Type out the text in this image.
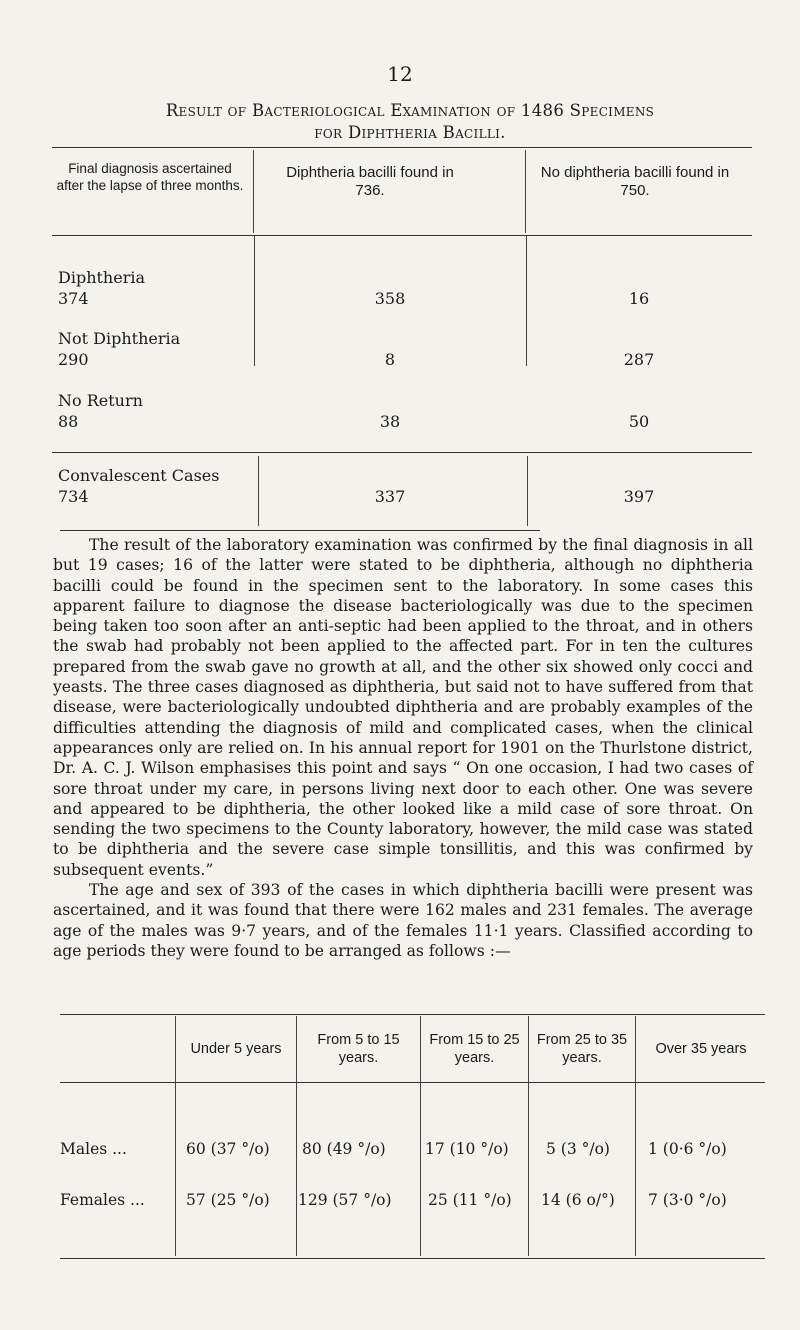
12
Result of Bacteriological Examination of 1486 Specimens
for Diphtheria Bacilli.
Final diagnosis ascertained after the lapse of three months.
Diphtheria bacilli found in 736.
No diphtheria bacilli found in 750.
Diphtheria
374	358	16
Not Diphtheria
290	8	287
No Return
88	38	50
Convalescent Cases
734	337	397

The result of the laboratory examination was confirmed by the final diagnosis in all but 19 cases; 16 of the latter were stated to be diphtheria, although no diphtheria bacilli could be found in the specimen sent to the laboratory. In some cases this apparent failure to diagnose the disease bacteriologically was due to the specimen being taken too soon after an anti-septic had been applied to the throat, and in others the swab had probably not been applied to the affected part. For in ten the cultures prepared from the swab gave no growth at all, and the other six showed only cocci and yeasts. The three cases diagnosed as diphtheria, but said not to have suffered from that disease, were bacteriologically undoubted diphtheria and are probably examples of the difficulties attending the diagnosis of mild and complicated cases, when the clinical appearances only are relied on. In his annual report for 1901 on the Thurlstone district, Dr. A. C. J. Wilson emphasises this point and says “ On one occasion, I had two cases of sore throat under my care, in persons living next door to each other. One was severe and appeared to be diphtheria, the other looked like a mild case of sore throat. On sending the two specimens to the County laboratory, however, the mild case was stated to be diphtheria and the severe case simple tonsillitis, and this was confirmed by subsequent events.”

The age and sex of 393 of the cases in which diphtheria bacilli were present was ascertained, and it was found that there were 162 males and 231 females. The average age of the males was 9·7 years, and of the females 11·1 years. Classified according to age periods they were found to be arranged as follows :—

Under 5 years
From 5 to 15 years.
From 15 to 25 years.
From 25 to 35 years.
Over 35 years
Males ...	60 (37 °/o) 80 (49 °/o)	17 (10 °/o) 5 (3 °/o) 1 (0·6 °/o)
Females ...	57 (25 °/o) 129 (57 °/o) 25 (11 °/o) 14 (6 o/°) 7 (3·0 °/o)
